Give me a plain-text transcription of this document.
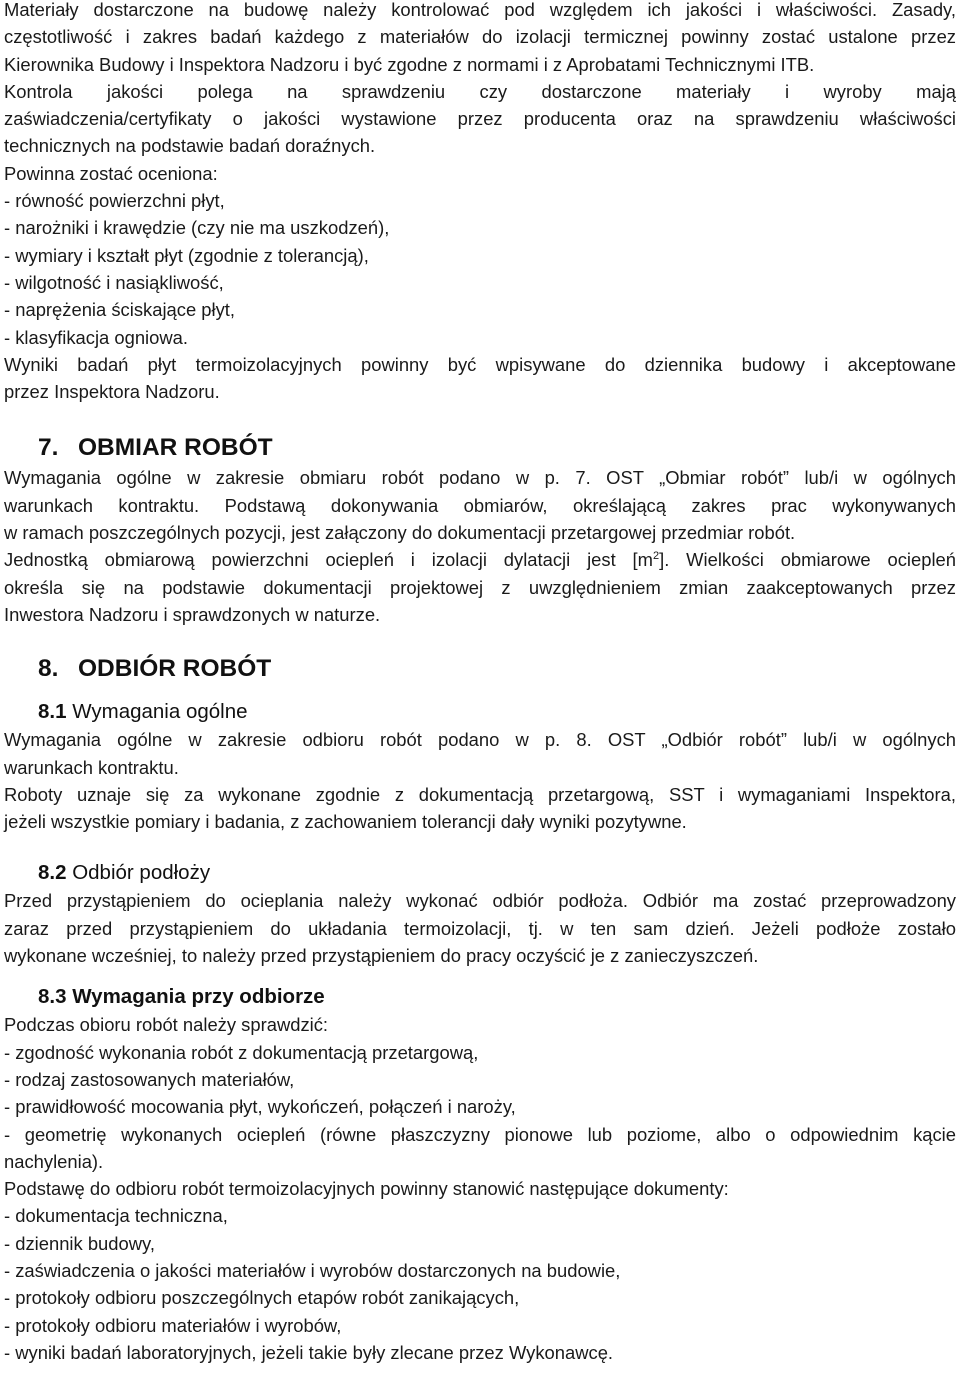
Materiały dostarczone na budowę należy kontrolować pod względem ich jakości i właściwości. Zasady,

częstotliwość i zakres badań każdego z materiałów do izolacji termicznej powinny zostać ustalone przez

Kierownika Budowy i Inspektora Nadzoru i być zgodne z normami i z Aprobatami Technicznymi ITB.

Kontrola jakości polega na sprawdzeniu czy dostarczone materiały i wyroby mają

zaświadczenia/certyfikaty o jakości wystawione przez producenta oraz na sprawdzeniu właściwości

technicznych na podstawie badań doraźnych.

Powinna zostać oceniona:

- równość powierzchni płyt,
- narożniki i krawędzie (czy nie ma uszkodzeń),
- wymiary i kształt płyt (zgodnie z tolerancją),
- wilgotność i nasiąkliwość,
- naprężenia ściskające płyt,
- klasyfikacja ogniowa.

Wyniki badań płyt termoizolacyjnych powinny być wpisywane do dziennika budowy i akceptowane

przez Inspektora Nadzoru.

7. OBMIAR ROBÓT

Wymagania ogólne w zakresie obmiaru robót podano w p. 7. OST „Obmiar robót” lub/i w ogólnych

warunkach kontraktu. Podstawą dokonywania obmiarów, określającą zakres prac wykonywanych

w ramach poszczególnych pozycji, jest załączony do dokumentacji przetargowej przedmiar robót.

Jednostką obmiarową powierzchni ociepleń i izolacji dylatacji jest $[m^2]$. Wielkości obmiarowe ociepleń

określa się na podstawie dokumentacji projektowej z uwzględnieniem zmian zaakceptowanych przez

Inwestora Nadzoru i sprawdzonych w naturze.

8. ODBIÓR ROBÓT
8.1 Wymagania ogólne

Wymagania ogólne w zakresie odbioru robót podano w p. 8. OST „Odbiór robót” lub/i w ogólnych

warunkach kontraktu.

Roboty uznaje się za wykonane zgodnie z dokumentacją przetargową, SST i wymaganiami Inspektora,

jeżeli wszystkie pomiary i badania, z zachowaniem tolerancji dały wyniki pozytywne.

8.2 Odbiór podłoży

Przed przystąpieniem do ocieplania należy wykonać odbiór podłoża. Odbiór ma zostać przeprowadzony

zaraz przed przystąpieniem do układania termoizolacji, tj. w ten sam dzień. Jeżeli podłoże zostało

wykonane wcześniej, to należy przed przystąpieniem do pracy oczyścić je z zanieczyszczeń.

8.3 Wymagania przy odbiorze

Podczas obioru robót należy sprawdzić:

- zgodność wykonania robót z dokumentacją przetargową,
- rodzaj zastosowanych materiałów,
- prawidłowość mocowania płyt, wykończeń, połączeń i naroży,

- geometrię wykonanych ociepleń (równe płaszczyzny pionowe lub poziome, albo o odpowiednim kącie

nachylenia).

Podstawę do odbioru robót termoizolacyjnych powinny stanowić następujące dokumenty:

- dokumentacja techniczna,
- dziennik budowy,
- zaświadczenia o jakości materiałów i wyrobów dostarczonych na budowie,
- protokoły odbioru poszczególnych etapów robót zanikających,
- protokoły odbioru materiałów i wyrobów,
- wyniki badań laboratoryjnych, jeżeli takie były zlecane przez Wykonawcę.
